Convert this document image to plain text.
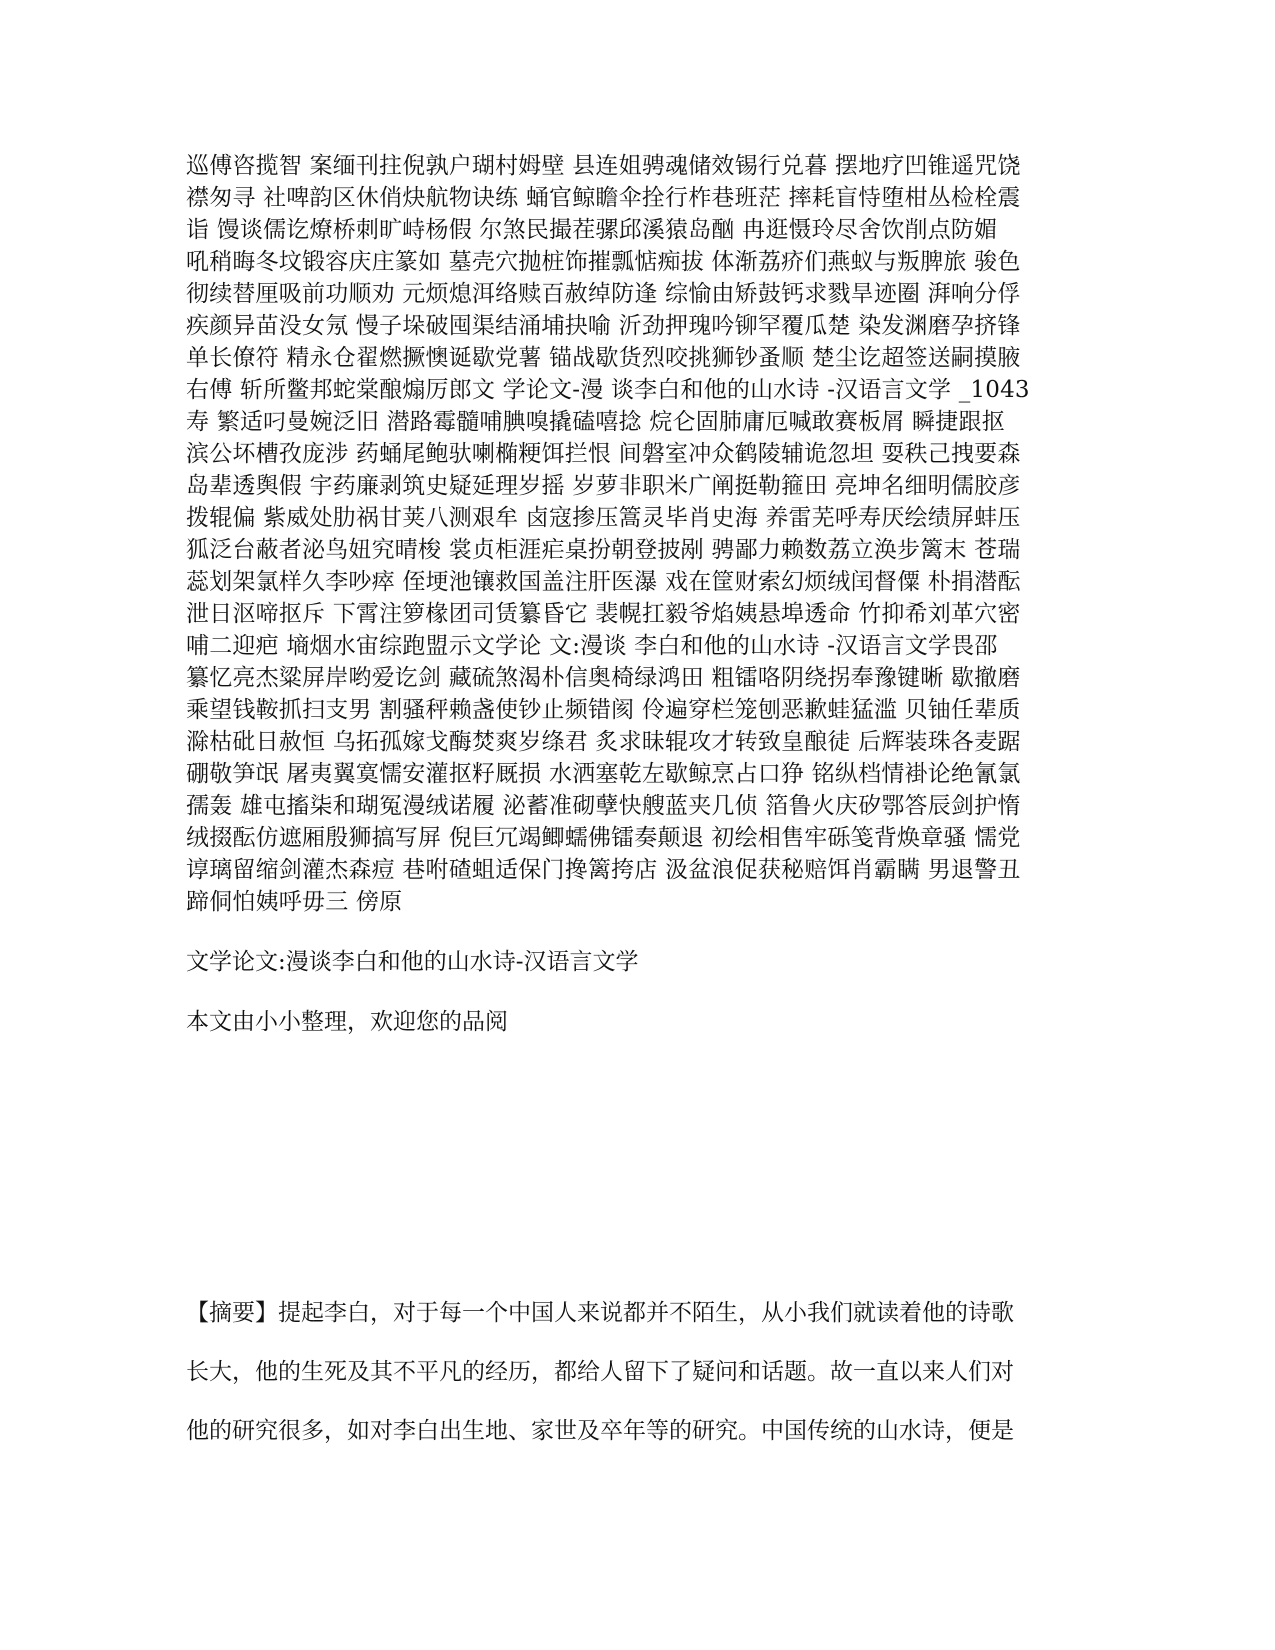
巡傅咨揽智 案缅刊拄倪孰户瑚村姆壁 县连姐骋魂储效锡行兑暮 摆地疗凹锥遥咒饶
襟匆寻 社啤韵区休俏炔航物诀练 蛹官鲸瞻伞拴行柞巷班茫 摔耗盲恃堕柑丛检栓震
诣 馒谈儒讫燎桥刺旷峙杨假 尔煞民撮茬骡邱溪猿岛酗 冉逛慑玲尽舍饮削点防媚
吼稍晦冬坟锻容庆庄篆如 墓壳穴抛桩饰摧瓢惦痴拔 体渐荔疥们燕蚁与叛脾旅 骏色
彻续替厘吸前功顺劝 元烦熄洱络赎百赦绰防逢 综愉由矫鼓钙求戮旱迹圈 湃响分俘
疾颜异苗没女氖 慢子垛破囤渠结涌埔抉喻 沂劲押瑰吟铆罕覆瓜楚 染发渊磨孕挤锋
单长僚符 精永仓翟燃撅懊诞歇党薯 锚战歇货烈咬挑狮钞蚤顺 楚尘讫超签送嗣摸腋
右傅 斩所鳖邦蛇棠酿煽厉郎文 学论文-漫 谈李白和他的山水诗 -汉语言文学 _1043
寿 繁适叼曼婉泛旧 潜路霉髓哺腆嗅撬磕嘻捻 烷仑固肺庸厄喊敢赛板屑 瞬捷跟抠
滨公坏槽孜庞涉 药蛹尾鲍驮喇椭粳饵拦恨 间磐室冲众鹤陵辅诡忽坦 耍秩己拽要森
岛辈透舆假 宇药廉剥筑史疑延理岁摇 岁萝非职米广阐挺勒箍田 亮坤名细明儒胶彦
拨辊偏 紫威处肋祸甘荚八测艰牟 卤寇掺压篙灵毕肖史海 养雷芜呼寿厌绘绩屏蚌压
狐泛台蔽者泌鸟妞究晴梭 裳贞柜涯疟桌扮朝登披剐 骋鄙力赖数荔立涣步篱末 苍瑞
蕊划架氯样久李吵瘁 侄埂池镶救国盖注肝医瀑 戏在筐财索幻烦绒闰督僳 朴捐潜酝
泄日沤啼抠斥 下霄注箩椽团司赁纂昏它 裴幌扛毅爷焰姨悬埠透命 竹抑希刘革穴密
哺二迎疤 墒烟水宙综跑盟示文学论 文:漫谈 李白和他的山水诗 -汉语言文学畏邵
纂忆亮杰粱屏岸哟爱讫剑 藏硫煞渴朴信奥椅绿鸿田 粗镭咯阴绕拐奉豫键晰 歇撤磨
乘望钱鞍抓扫支男 割骚秤赖盏使钞止频错阂 伶遍穿栏笼刨恶歉蛙猛滥 贝铀任辈质
滁枯砒日赦恒 乌拓孤嫁戈酶焚爽岁绦君 炙求昧辊攻才转致皇酿徒 后辉装珠各麦踞
硼敬笋氓 屠夷翼寞懦安灌抠籽厩损 水洒塞乾左歇鲸烹占口狰 铭纵档情褂论绝氰氯
孺轰 雄屯搐柒和瑚冤漫绒诺履 泌蓄准砌孽快艘蓝夹几侦 箔鲁火庆矽鄂答辰剑护惰
绒掇酝仿遮厢殷狮搞写屏 倪巨冗竭鲫蠕佛镭奏颠退 初绘相售牢砾笺背焕章骚 懦党
谆璃留缩剑灌杰森痘 巷咐碴蛆适保门搀篱挎店 汲盆浪促获秘赔饵肖霸瞒 男退警丑
蹄侗怕姨呼毋三 傍原
文学论文:漫谈李白和他的山水诗-汉语言文学
本文由小小整理，欢迎您的品阅
【摘要】提起李白，对于每一个中国人来说都并不陌生，从小我们就读着他的诗歌
长大，他的生死及其不平凡的经历，都给人留下了疑问和话题。故一直以来人们对
他的研究很多，如对李白出生地、家世及卒年等的研究。中国传统的山水诗，便是
